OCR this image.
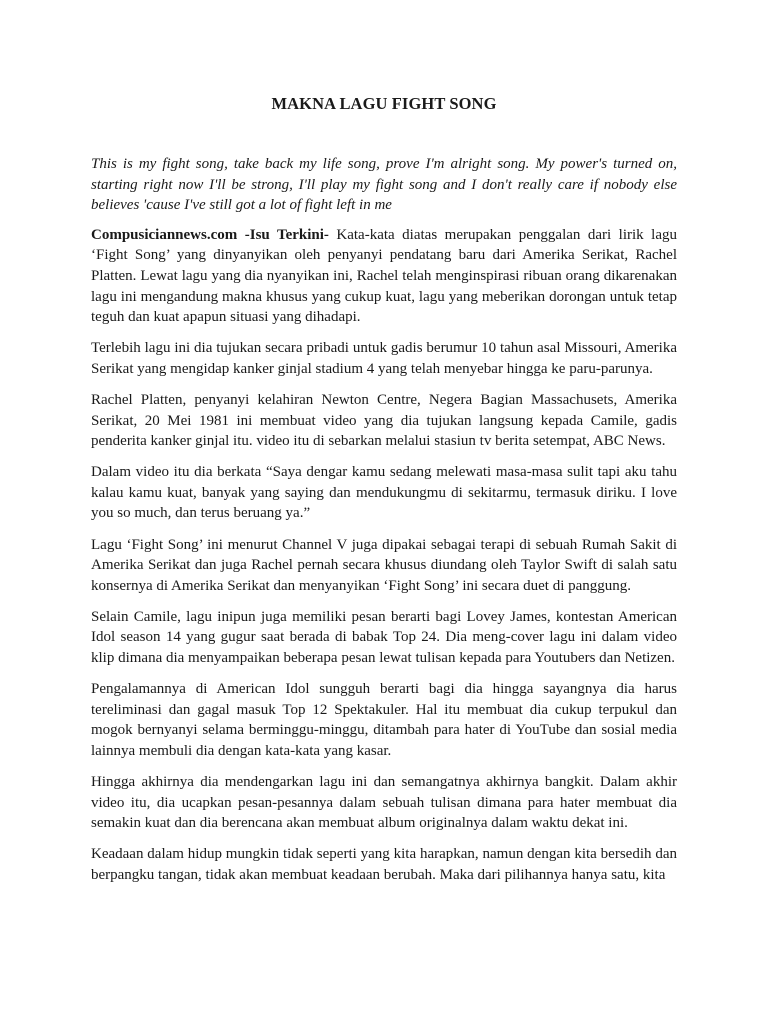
MAKNA LAGU FIGHT SONG

This is my fight song, take back my life song, prove I'm alright song. My power's turned on, starting right now I'll be strong, I'll play my fight song and I don't really care if nobody else believes 'cause I've still got a lot of fight left in me

Compusiciannews.com -Isu Terkini- Kata-kata diatas merupakan penggalan dari lirik lagu ‘Fight Song’ yang dinyanyikan oleh penyanyi pendatang baru dari Amerika Serikat, Rachel Platten. Lewat lagu yang dia nyanyikan ini, Rachel telah menginspirasi ribuan orang dikarenakan lagu ini mengandung makna khusus yang cukup kuat, lagu yang meberikan dorongan untuk tetap teguh dan kuat apapun situasi yang dihadapi.

Terlebih lagu ini dia tujukan secara pribadi untuk gadis berumur 10 tahun asal Missouri, Amerika Serikat yang mengidap kanker ginjal stadium 4 yang telah menyebar hingga ke paru-parunya.

Rachel Platten, penyanyi kelahiran Newton Centre, Negera Bagian Massachusets, Amerika Serikat, 20 Mei 1981 ini membuat video yang dia tujukan langsung kepada Camile, gadis penderita kanker ginjal itu. video itu di sebarkan melalui stasiun tv berita setempat, ABC News.

Dalam video itu dia berkata “Saya dengar kamu sedang melewati masa-masa sulit tapi aku tahu kalau kamu kuat, banyak yang saying dan mendukungmu di sekitarmu, termasuk diriku. I love you so much, dan terus beruang ya.”

Lagu ‘Fight Song’ ini menurut Channel V juga dipakai sebagai terapi di sebuah Rumah Sakit di Amerika Serikat dan juga Rachel pernah secara khusus diundang oleh Taylor Swift di salah satu konsernya di Amerika Serikat dan menyanyikan ‘Fight Song’ ini secara duet di panggung.

Selain Camile, lagu inipun juga memiliki pesan berarti bagi Lovey James, kontestan American Idol season 14 yang gugur saat berada di babak Top 24. Dia meng-cover lagu ini dalam video klip dimana dia menyampaikan beberapa pesan lewat tulisan kepada para Youtubers dan Netizen.

Pengalamannya di American Idol sungguh berarti bagi dia hingga sayangnya dia harus tereliminasi dan gagal masuk Top 12 Spektakuler. Hal itu membuat dia cukup terpukul dan mogok bernyanyi selama berminggu-minggu, ditambah para hater di YouTube dan sosial media lainnya membuli dia dengan kata-kata yang kasar.

Hingga akhirnya dia mendengarkan lagu ini dan semangatnya akhirnya bangkit. Dalam akhir video itu, dia ucapkan pesan-pesannya dalam sebuah tulisan dimana para hater membuat dia semakin kuat dan dia berencana akan membuat album originalnya dalam waktu dekat ini.

Keadaan dalam hidup mungkin tidak seperti yang kita harapkan, namun dengan kita bersedih dan berpangku tangan, tidak akan membuat keadaan berubah. Maka dari pilihannya hanya satu, kita
